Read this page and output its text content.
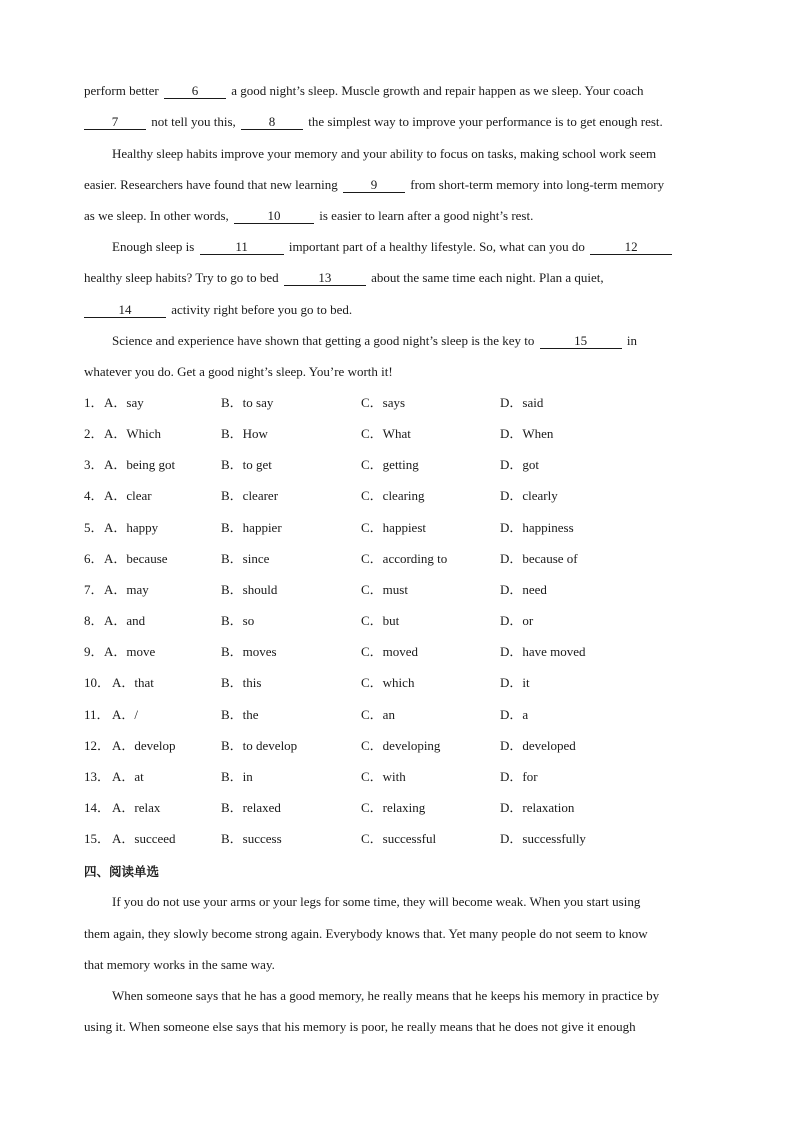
perform better	6	a good night’s sleep. Muscle growth and repair happen as we sleep. Your coach
7	not tell you this,	8	the simplest way to improve your performance is to get enough rest.
Healthy sleep habits improve your memory and your ability to focus on tasks, making school work seem
easier. Researchers have found that new learning	9	from short-term memory into long-term memory
as we sleep. In other words,	10	is easier to learn after a good night’s rest.
Enough sleep is	11	important part of a healthy lifestyle. So, what can you do	12
healthy sleep habits? Try to go to bed	13	about the same time each night. Plan a quiet,
14	activity right before you go to bed.
Science and experience have shown that getting a good night’s sleep is the key to	15	in
whatever you do. Get a good night’s sleep. You’re worth it!
1． A．say	B．to say	C．says	D．said
2． A．Which	B．How	C．What	D．When
3． A．being got	B．to get	C．getting	D．got
4． A．clear	B．clearer	C．clearing	D．clearly
5． A．happy	B．happier	C．happiest	D．happiness
6． A．because	B．since	C．according to	D．because of
7． A．may	B．should	C．must	D．need
8． A．and	B．so	C．but	D．or
9． A．move	B．moves	C．moved	D．have moved
10． A．that	B．this	C．which	D．it
11． A．/	B．the	C．an	D．a
12． A．develop	B．to develop	C．developing	D．developed
13． A．at	B．in	C．with	D．for
14． A．relax	B．relaxed	C．relaxing	D．relaxation
15． A．succeed	B．success	C．successful	D．successfully
四、阅读单选
If you do not use your arms or your legs for some time, they will become weak. When you start using
them again, they slowly become strong again. Everybody knows that. Yet many people do not seem to know
that memory works in the same way.
When someone says that he has a good memory, he really means that he keeps his memory in practice by
using it. When someone else says that his memory is poor, he really means that he does not give it enough
